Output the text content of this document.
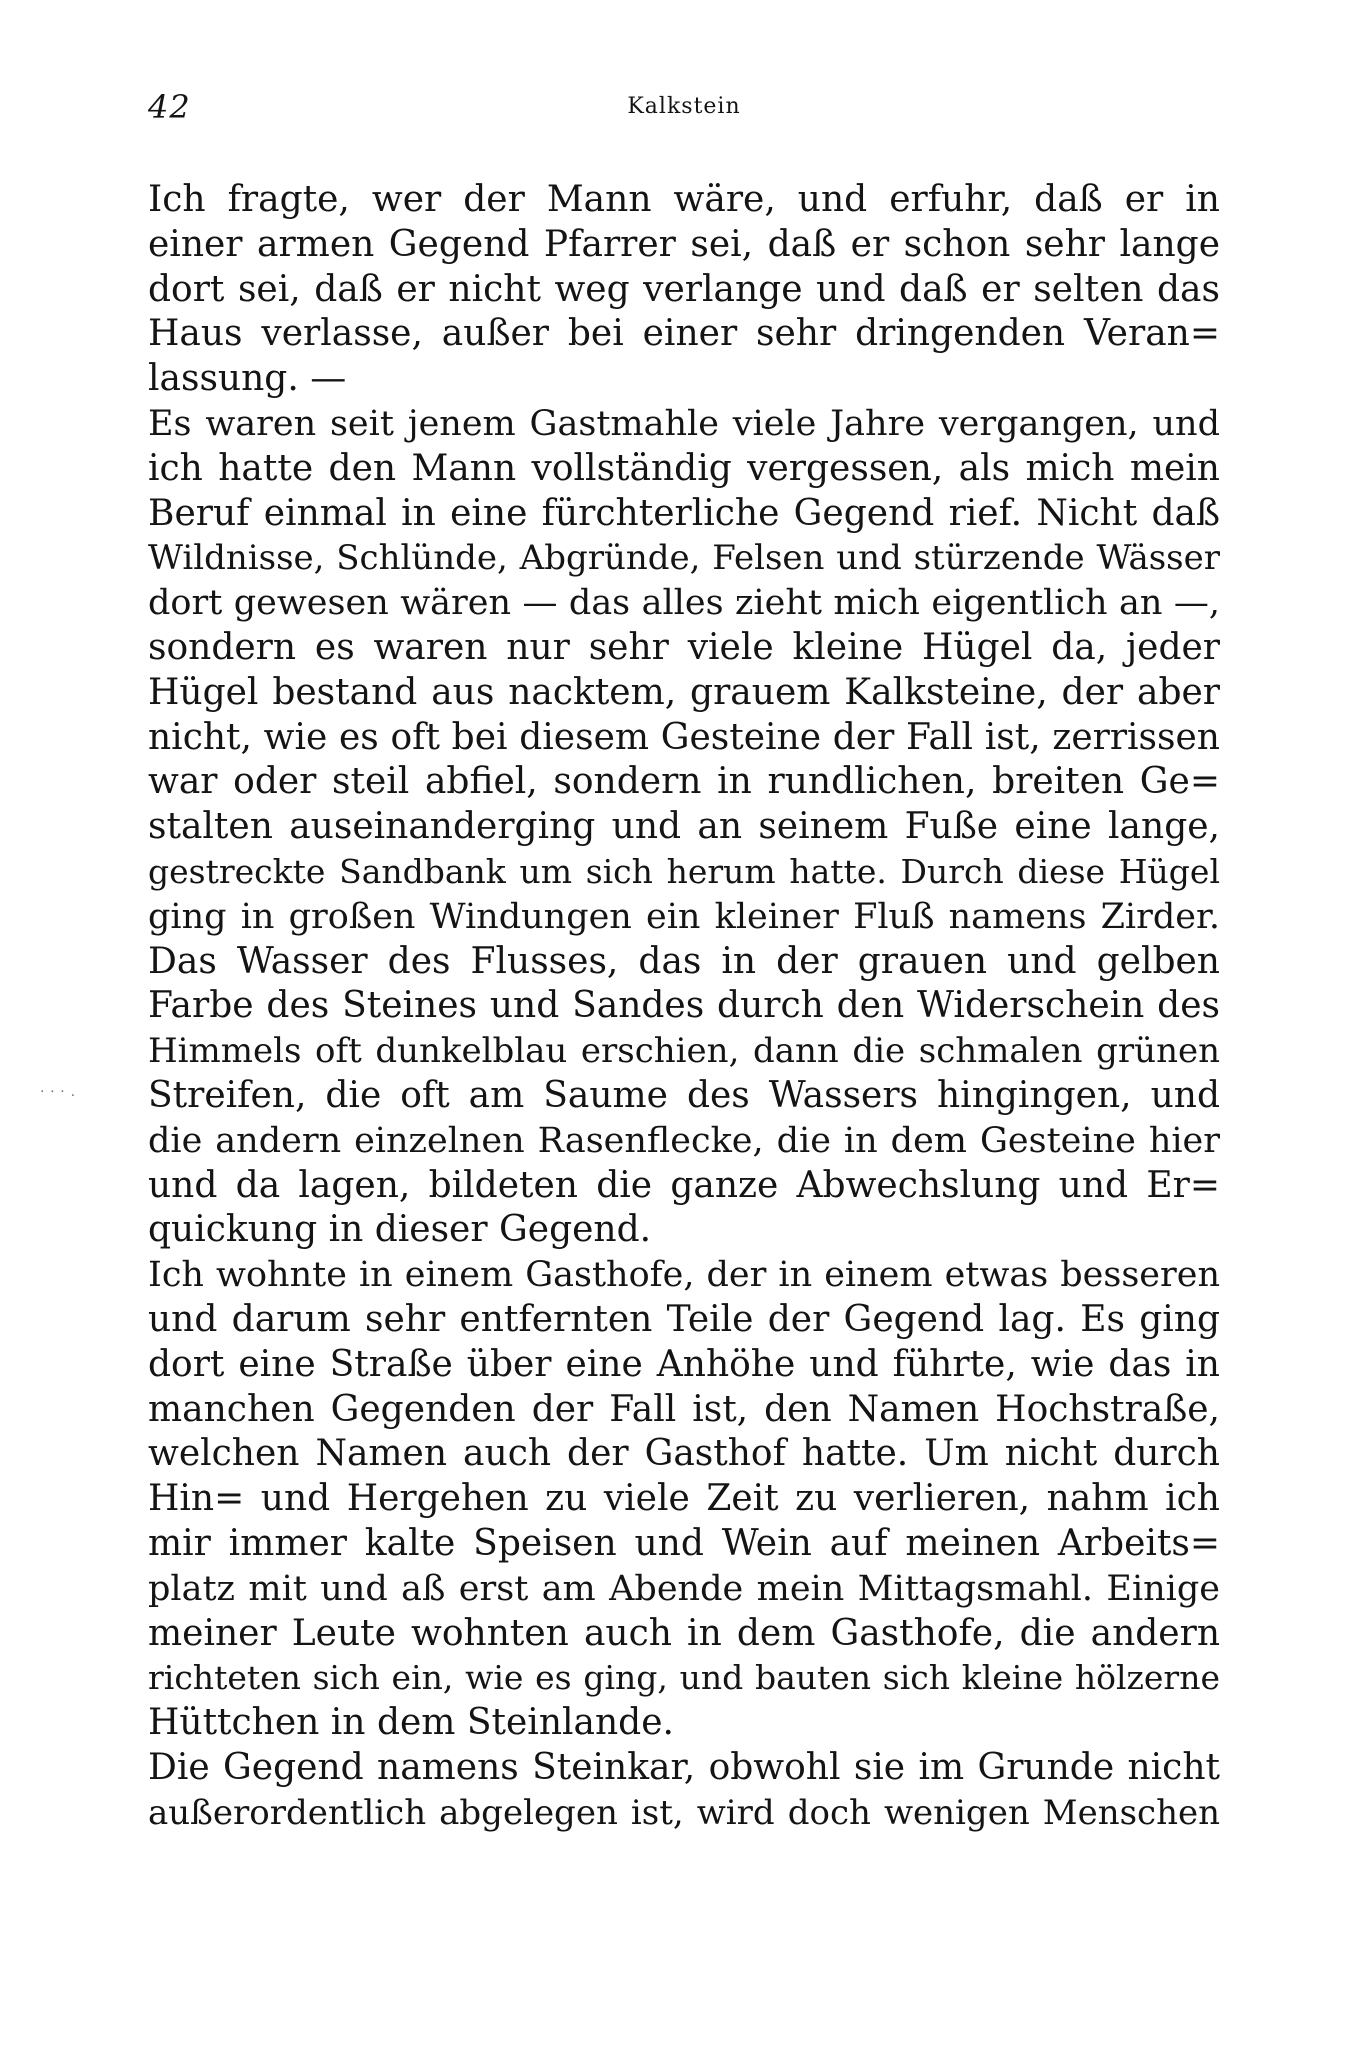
42	Kalkstein
·⸱·.
Ich fragte, wer der Mann wäre, und erfuhr, daß er in
einer armen Gegend Pfarrer sei, daß er schon sehr lange
dort sei, daß er nicht weg verlange und daß er selten das
Haus verlasse, außer bei einer sehr dringenden Veran=
lassung. —
Es waren seit jenem Gastmahle viele Jahre vergangen, und
ich hatte den Mann vollständig vergessen, als mich mein
Beruf einmal in eine fürchterliche Gegend rief. Nicht daß
Wildnisse, Schlünde, Abgründe, Felsen und stürzende Wässer
dort gewesen wären — das alles zieht mich eigentlich an —,
sondern es waren nur sehr viele kleine Hügel da, jeder
Hügel bestand aus nacktem, grauem Kalksteine, der aber
nicht, wie es oft bei diesem Gesteine der Fall ist, zerrissen
war oder steil abfiel, sondern in rundlichen, breiten Ge=
stalten auseinanderging und an seinem Fuße eine lange,
gestreckte Sandbank um sich herum hatte. Durch diese Hügel
ging in großen Windungen ein kleiner Fluß namens Zirder.
Das Wasser des Flusses, das in der grauen und gelben
Farbe des Steines und Sandes durch den Widerschein des
Himmels oft dunkelblau erschien, dann die schmalen grünen
Streifen, die oft am Saume des Wassers hingingen, und
die andern einzelnen Rasenflecke, die in dem Gesteine hier
und da lagen, bildeten die ganze Abwechslung und Er=
quickung in dieser Gegend.
Ich wohnte in einem Gasthofe, der in einem etwas besseren
und darum sehr entfernten Teile der Gegend lag. Es ging
dort eine Straße über eine Anhöhe und führte, wie das in
manchen Gegenden der Fall ist, den Namen Hochstraße,
welchen Namen auch der Gasthof hatte. Um nicht durch
Hin= und Hergehen zu viele Zeit zu verlieren, nahm ich
mir immer kalte Speisen und Wein auf meinen Arbeits=
platz mit und aß erst am Abende mein Mittagsmahl. Einige
meiner Leute wohnten auch in dem Gasthofe, die andern
richteten sich ein, wie es ging, und bauten sich kleine hölzerne
Hüttchen in dem Steinlande.
Die Gegend namens Steinkar, obwohl sie im Grunde nicht
außerordentlich abgelegen ist, wird doch wenigen Menschen
